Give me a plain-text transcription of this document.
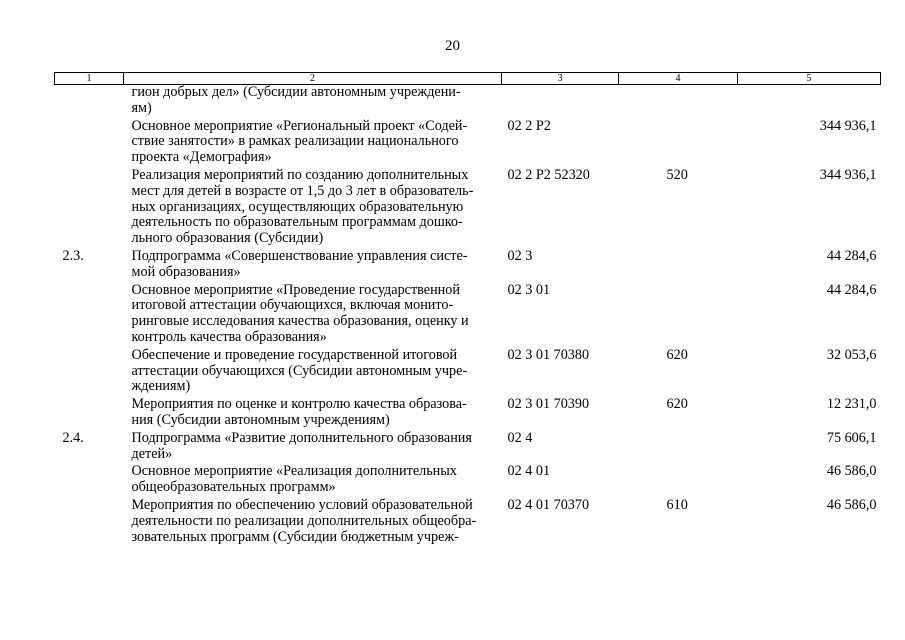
20
1	2	3	4	5
	гион добрых дел» (Субсидии автономным учреждени-
ям)			
	Основное мероприятие «Региональный проект «Содей-
ствие занятости» в рамках реализации национального
проекта «Демография»	02 2 P2		344 936,1
	Реализация мероприятий по созданию дополнительных
мест для детей в возрасте от 1,5 до 3 лет в образователь-
ных организациях, осуществляющих образовательную
деятельность по образовательным программам дошко-
льного образования (Субсидии)	02 2 P2 52320	520	344 936,1
2.3.	Подпрограмма «Совершенствование управления систе-
мой образования»	02 3		44 284,6
	Основное мероприятие «Проведение государственной
итоговой аттестации обучающихся, включая монито-
ринговые исследования качества образования, оценку и
контроль качества образования»	02 3 01		44 284,6
	Обеспечение и проведение государственной итоговой
аттестации обучающихся (Субсидии автономным учре-
ждениям)	02 3 01 70380	620	32 053,6
	Мероприятия по оценке и контролю качества образова-
ния (Субсидии автономным учреждениям)	02 3 01 70390	620	12 231,0
2.4.	Подпрограмма «Развитие дополнительного образования
детей»	02 4		75 606,1
	Основное мероприятие «Реализация дополнительных
общеобразовательных программ»	02 4 01		46 586,0
	Мероприятия по обеспечению условий образовательной
деятельности по реализации дополнительных общеобра-
зовательных программ (Субсидии бюджетным учреж-	02 4 01 70370	610	46 586,0
